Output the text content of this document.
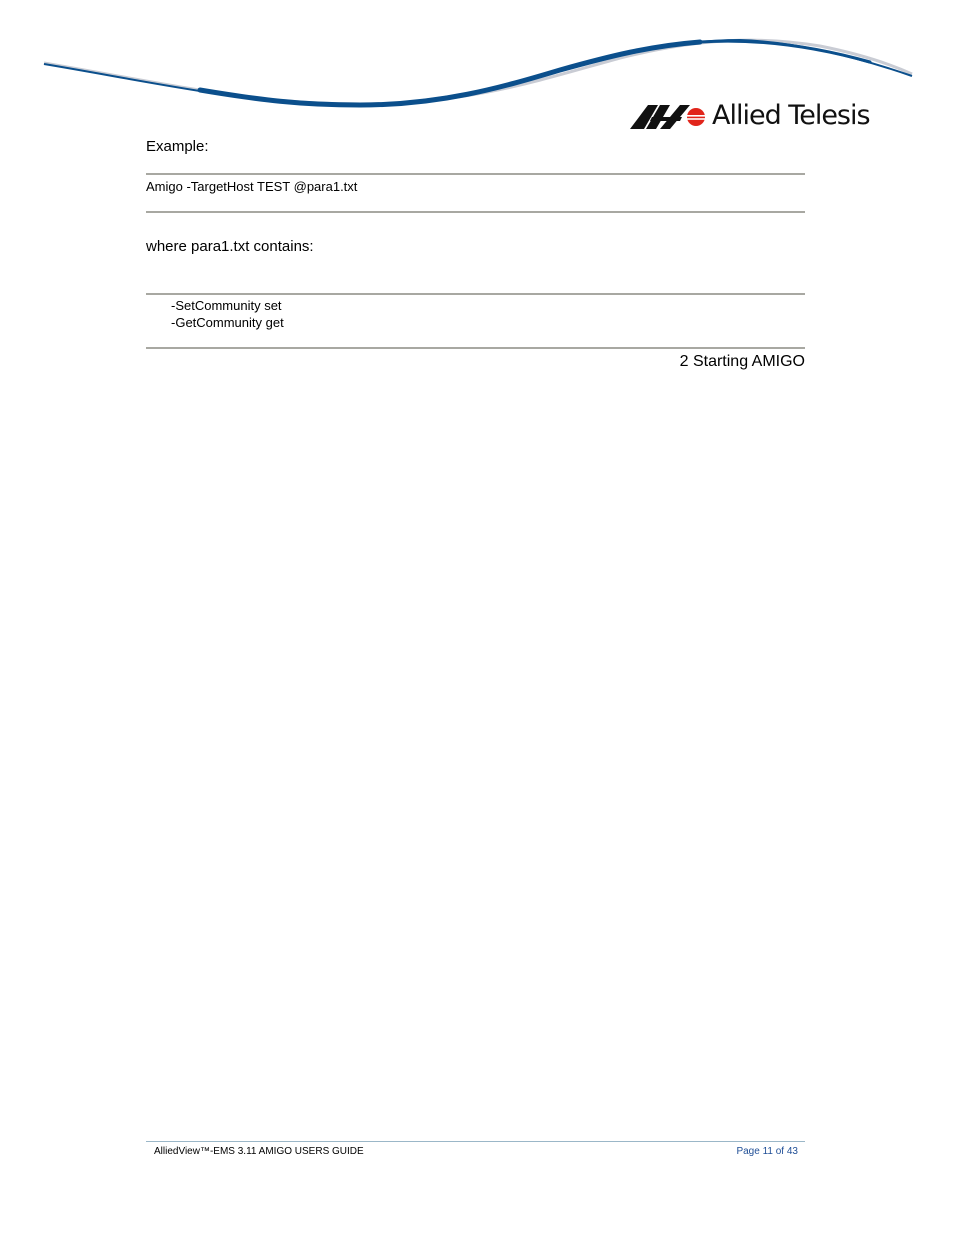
Allied Telesis
Example:
Amigo -TargetHost TEST @para1.txt
where para1.txt contains:
-SetCommunity set
-GetCommunity get
2 Starting AMIGO
AlliedView™-EMS 3.11 AMIGO USERS GUIDE	Page 11 of 43
